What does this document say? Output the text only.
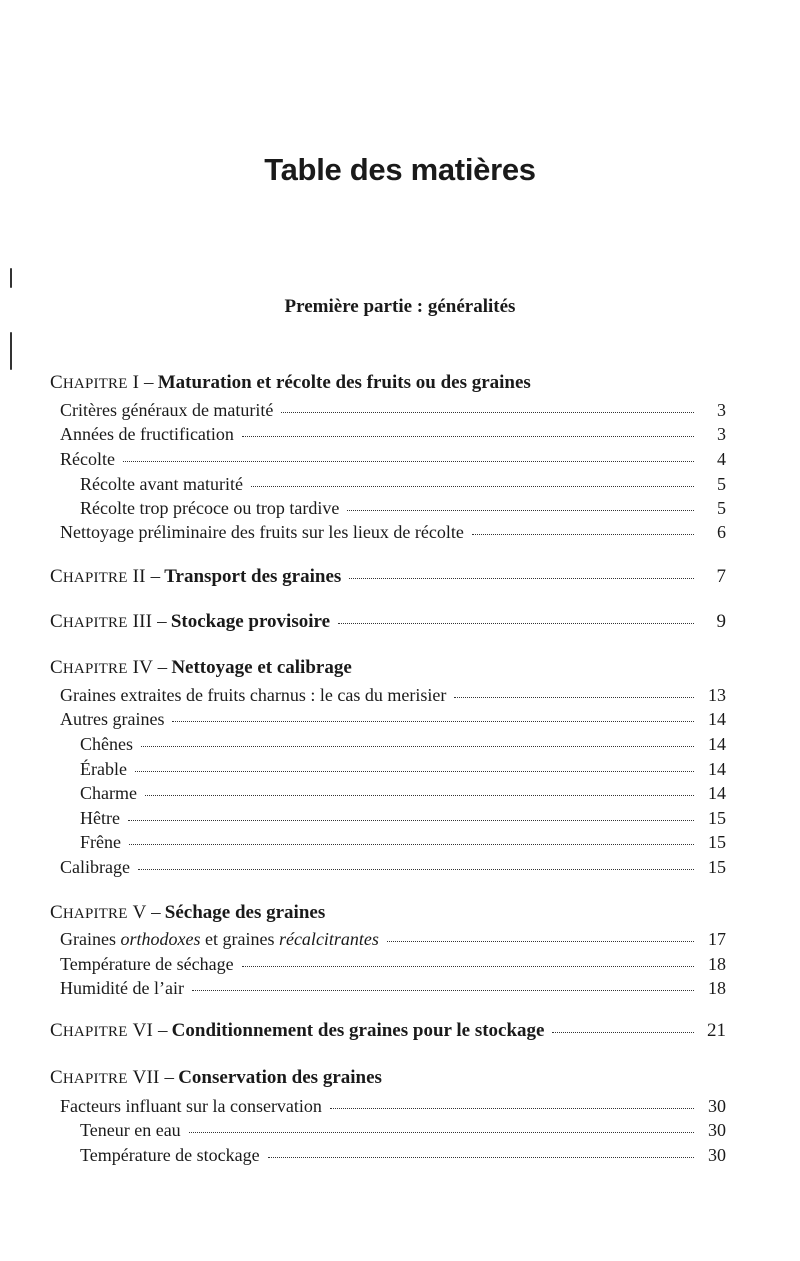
Table des matières
Première partie : généralités
CHAPITRE I – Maturation et récolte des fruits ou des graines
Critères généraux de maturité	3
Années de fructification	3
Récolte	4
Récolte avant maturité	5
Récolte trop précoce ou trop tardive	5
Nettoyage préliminaire des fruits sur les lieux de récolte	6
CHAPITRE II – Transport des graines	7
CHAPITRE III – Stockage provisoire	9
CHAPITRE IV – Nettoyage et calibrage
Graines extraites de fruits charnus : le cas du merisier	13
Autres graines	14
Chênes	14
Érable	14
Charme	14
Hêtre	15
Frêne	15
Calibrage	15
CHAPITRE V – Séchage des graines
Graines orthodoxes et graines récalcitrantes	17
Température de séchage	18
Humidité de l’air	18
CHAPITRE VI – Conditionnement des graines pour le stockage	21
CHAPITRE VII – Conservation des graines
Facteurs influant sur la conservation	30
Teneur en eau	30
Température de stockage	30
